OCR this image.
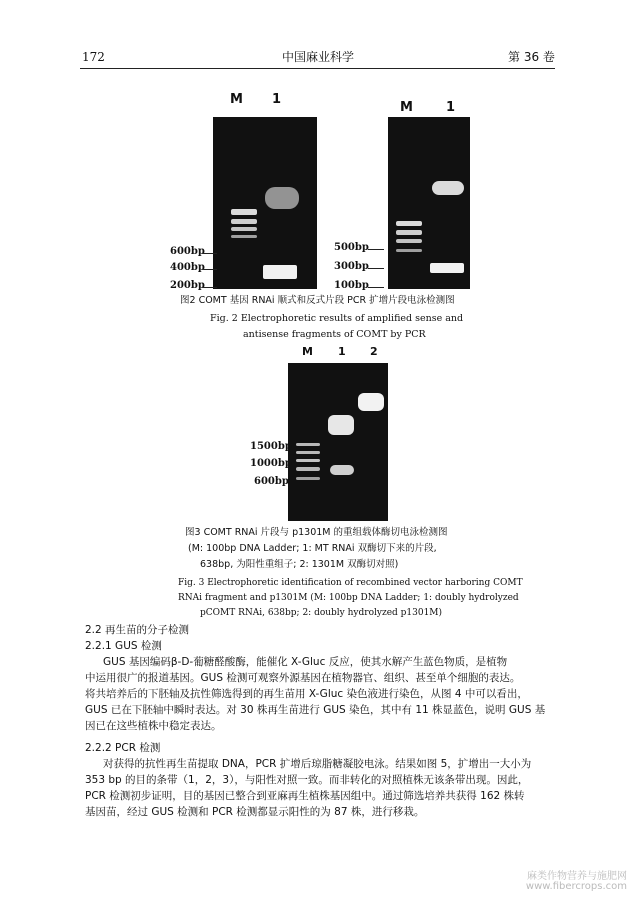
172	中国麻业科学	第 36 卷
M 1
600bp
400bp
200bp
M	1
500bp
300bp
100bp
图2 COMT 基因 RNAi 顺式和反式片段 PCR 扩增片段电泳检测图
Fig. 2 Electrophoretic results of amplified sense and
antisense fragments of COMT by PCR
M 1 2
1500bp
1000bp
600bp
图3 COMT RNAi 片段与 p1301M 的重组载体酶切电泳检测图
(M: 100bp DNA Ladder; 1: MT RNAi 双酶切下来的片段,
638bp, 为阳性重组子; 2: 1301M 双酶切对照)
Fig. 3 Electrophoretic identification of recombined vector harboring COMT
RNAi fragment and p1301M (M: 100bp DNA Ladder; 1: doubly hydrolyzed
pCOMT RNAi, 638bp; 2: doubly hydrolyzed p1301M)
2.2 再生苗的分子检测
2.2.1 GUS 检测
GUS 基因编码β-D-葡糖醛酸酶，能催化 X-Gluc 反应，使其水解产生蓝色物质，是植物
中运用很广的报道基因。GUS 检测可观察外源基因在植物器官、组织、甚至单个细胞的表达。
将共培养后的下胚轴及抗性筛选得到的再生苗用 X-Gluc 染色液进行染色，从图 4 中可以看出，
GUS 已在下胚轴中瞬时表达。对 30 株再生苗进行 GUS 染色，其中有 11 株显蓝色，说明 GUS 基
因已在这些植株中稳定表达。
2.2.2 PCR 检测
对获得的抗性再生苗提取 DNA，PCR 扩增后琼脂糖凝胶电泳。结果如图 5，扩增出一大小为
353 bp 的目的条带（1，2，3），与阳性对照一致。而非转化的对照植株无该条带出现。因此，
PCR 检测初步证明，目的基因已整合到亚麻再生植株基因组中。通过筛选培养共获得 162 株转
基因苗，经过 GUS 检测和 PCR 检测都显示阳性的为 87 株，进行移栽。
麻类作物营养与施肥网
www.fibercrops.com
